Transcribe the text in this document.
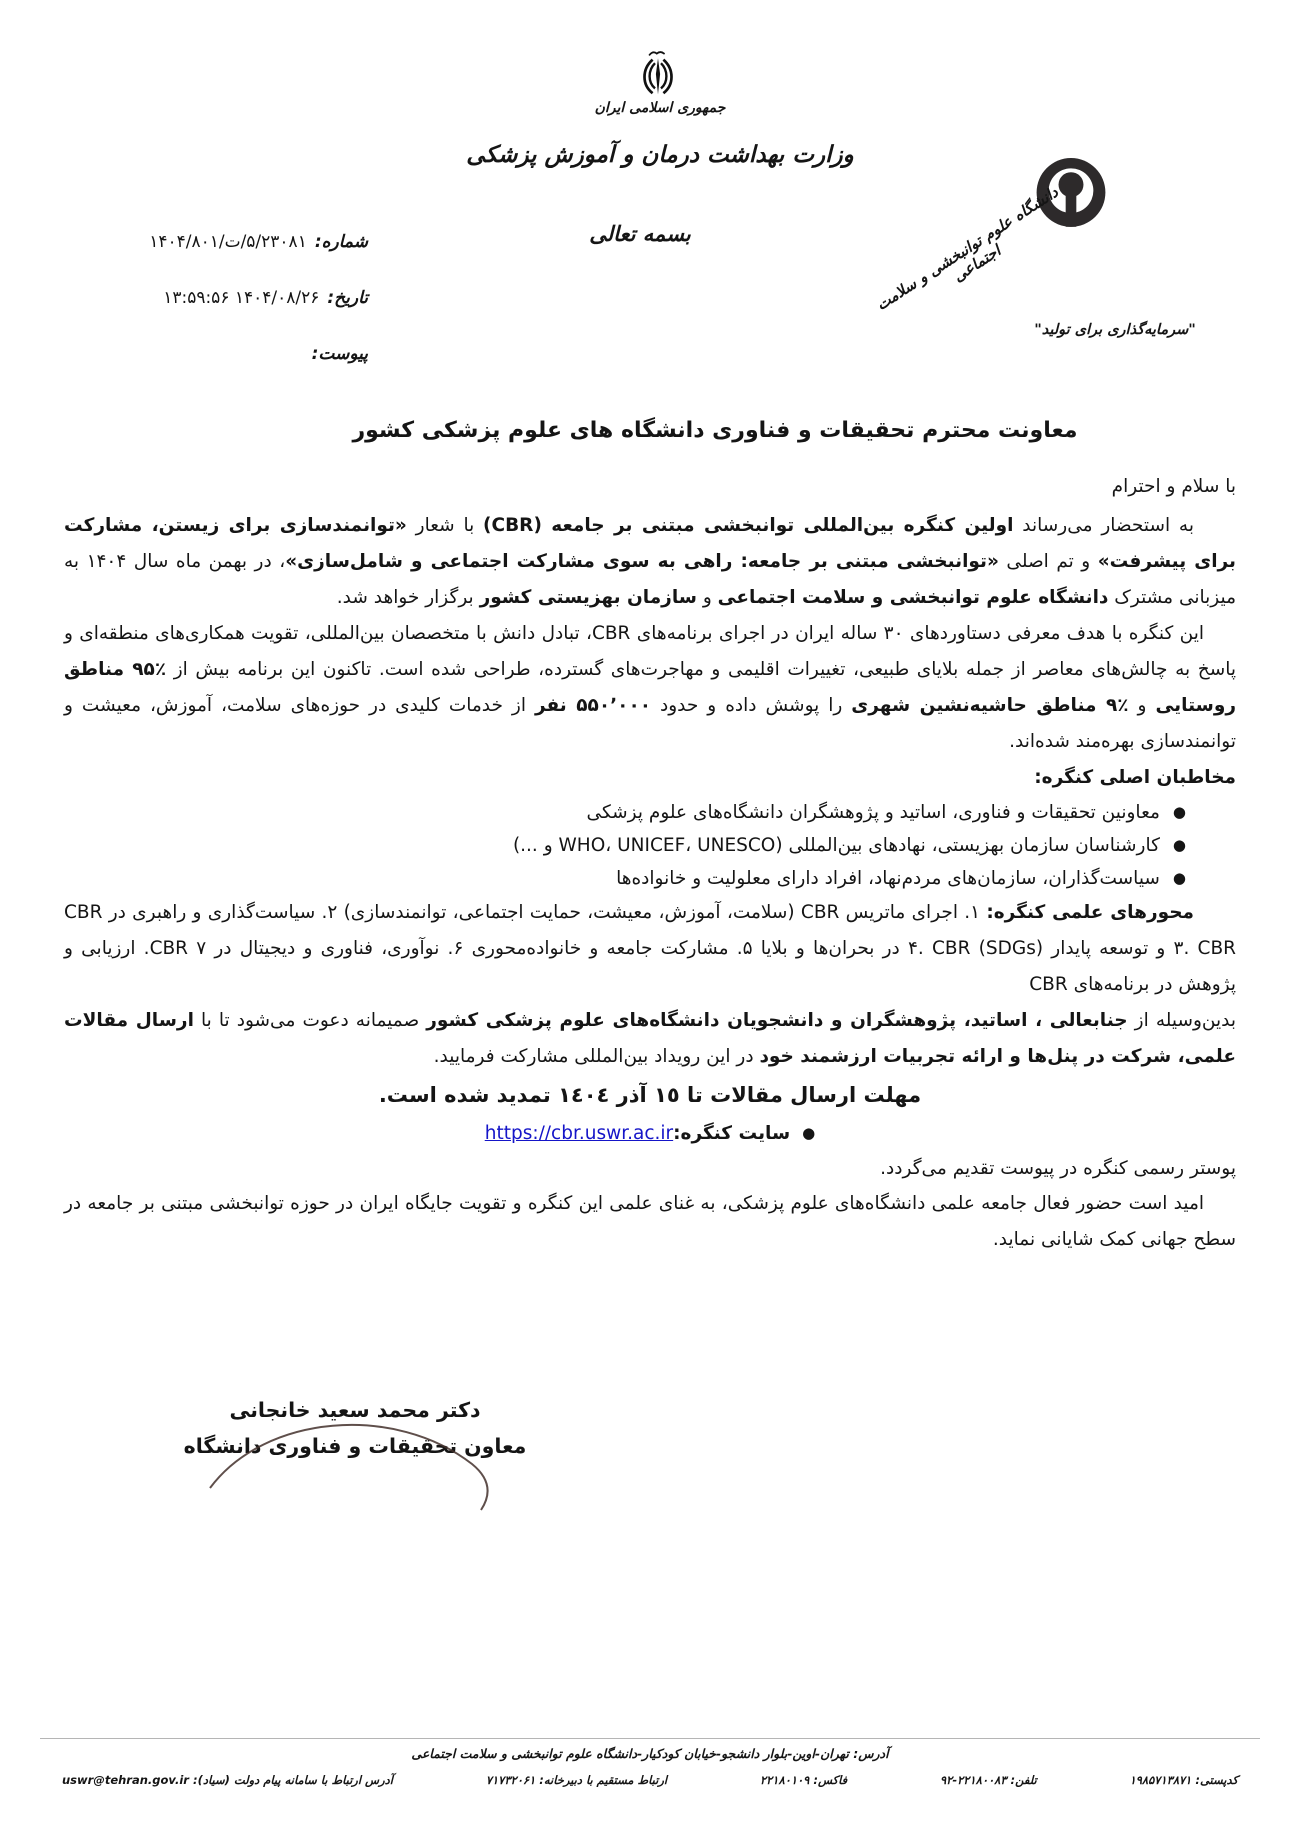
جمهوری اسلامی ایران
وزارت بهداشت درمان و آموزش پزشکی
بسمه تعالی	دانشگاه علوم توانبخشی و سلامت اجتماعی
"سرمایه‌گذاری برای تولید"
شماره:۱۴۰۴/۸۰۱/ت/۵/۲۳۰۸۱
تاریخ:۱۴۰۴/۰۸/۲۶ ۱۳:۵۹:۵۶
پیوست:
معاونت محترم تحقیقات و فناوری دانشگاه های علوم پزشکی کشور
با سلام و احترام
به استحضار می‌رساند اولین کنگره بین‌المللی توانبخشی مبتنی بر جامعه (CBR) با شعار «توانمندسازی برای زیستن، مشارکت برای پیشرفت» و تم اصلی «توانبخشی مبتنی بر جامعه: راهی به سوی مشارکت اجتماعی و شامل‌سازی»، در بهمن ماه سال ۱۴۰۴ به میزبانی مشترک دانشگاه علوم توانبخشی و سلامت اجتماعی و سازمان بهزیستی کشور برگزار خواهد شد.
این کنگره با هدف معرفی دستاوردهای ۳۰ ساله ایران در اجرای برنامه‌های CBR، تبادل دانش با متخصصان بین‌المللی، تقویت همکاری‌های منطقه‌ای و پاسخ به چالش‌های معاصر از جمله بلایای طبیعی، تغییرات اقلیمی و مهاجرت‌های گسترده، طراحی شده است. تاکنون این برنامه بیش از ٪۹۵ مناطق روستایی و ٪۹ مناطق حاشیه‌نشین شهری را پوشش داده و حدود ۵۵۰٬۰۰۰ نفر از خدمات کلیدی در حوزه‌های سلامت، آموزش، معیشت و توانمندسازی بهره‌مند شده‌اند.
مخاطبان اصلی کنگره:
●معاونین تحقیقات و فناوری، اساتید و پژوهشگران دانشگاه‌های علوم پزشکی
●کارشناسان سازمان بهزیستی، نهادهای بین‌المللی (WHO، UNICEF، UNESCO و ...)
●سیاست‌گذاران، سازمان‌های مردم‌نهاد، افراد دارای معلولیت و خانواده‌ها
محورهای علمی کنگره: ۱. اجرای ماتریس CBR (سلامت، آموزش، معیشت، حمایت اجتماعی، توانمندسازی) ۲. سیاست‌گذاری و راهبری در CBR ۳. CBR و توسعه پایدار (SDGs) ۴. CBR در بحران‌ها و بلایا ۵. مشارکت جامعه و خانواده‌محوری ۶. نوآوری، فناوری و دیجیتال در CBR ۷. ارزیابی و پژوهش در برنامه‌های CBR
بدین‌وسیله از جنابعالی ، اساتید، پژوهشگران و دانشجویان دانشگاه‌های علوم پزشکی کشور صمیمانه دعوت می‌شود تا با ارسال مقالات علمی، شرکت در پنل‌ها و ارائه تجربیات ارزشمند خود در این رویداد بین‌المللی مشارکت فرمایید.
مهلت ارسال مقالات تا ١٥ آذر ١٤٠٤ تمدید شده است.
●سایت کنگره:https://cbr.uswr.ac.ir
پوستر رسمی کنگره در پیوست تقدیم می‌گردد.
امید است حضور فعال جامعه علمی دانشگاه‌های علوم پزشکی، به غنای علمی این کنگره و تقویت جایگاه ایران در حوزه توانبخشی مبتنی بر جامعه در سطح جهانی کمک شایانی نماید.
دکتر محمد سعید خانجانی
معاون تحقیقات و فناوری دانشگاه
آدرس: تهران-اوین-بلوار دانشجو-خیابان کودکیار-دانشگاه علوم توانبخشی و سلامت اجتماعی
کدپستی: ۱۹۸۵۷۱۳۸۷۱
تلفن: ۲۲۱۸۰۰۸۳-۹۲
فاکس: ۲۲۱۸۰۱۰۹
ارتباط مستقیم با دبیرخانه: ۷۱۷۳۲۰۶۱
آدرس ارتباط با سامانه پیام دولت (سیاد): uswr@tehran.gov.ir
